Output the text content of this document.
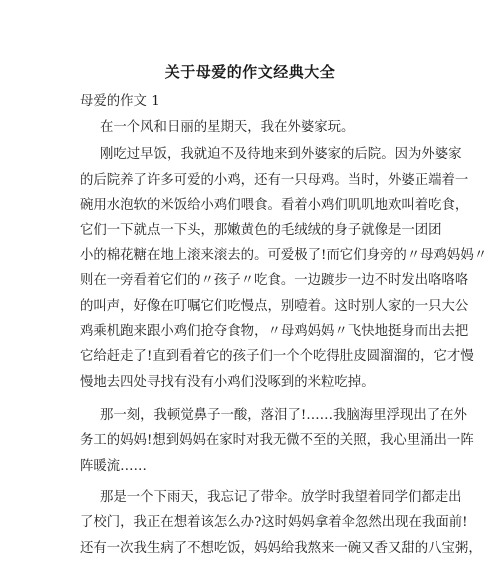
关于母爱的作文经典大全
母爱的作文 1
在一个风和日丽的星期天，我在外婆家玩。
刚吃过早饭，我就迫不及待地来到外婆家的后院。因为外婆家
的后院养了许多可爱的小鸡，还有一只母鸡。当时，外婆正端着一
碗用水泡软的米饭给小鸡们喂食。看着小鸡们叽叽地欢叫着吃食，
它们一下就点一下头，那嫩黄色的毛绒绒的身子就像是一团团
小的棉花糖在地上滚来滚去的。可爱极了!而它们身旁的〃母鸡妈妈〃
则在一旁看着它们的〃孩子〃吃食。一边踱步一边不时发出咯咯咯
的叫声，好像在叮嘱它们吃慢点，别噎着。这时别人家的一只大公
鸡乘机跑来跟小鸡们抢夺食物，〃母鸡妈妈〃飞快地挺身而出去把
它给赶走了!直到看着它的孩子们一个个吃得肚皮圆溜溜的，它才慢
慢地去四处寻找有没有小鸡们没啄到的米粒吃掉。
那一刻，我顿觉鼻子一酸，落泪了!……我脑海里浮现出了在外
务工的妈妈!想到妈妈在家时对我无微不至的关照，我心里涌出一阵
阵暖流……
那是一个下雨天，我忘记了带伞。放学时我望着同学们都走出
了校门，我正在想着该怎么办?这时妈妈拿着伞忽然出现在我面前!
还有一次我生病了不想吃饭，妈妈给我熬来一碗又香又甜的八宝粥，
